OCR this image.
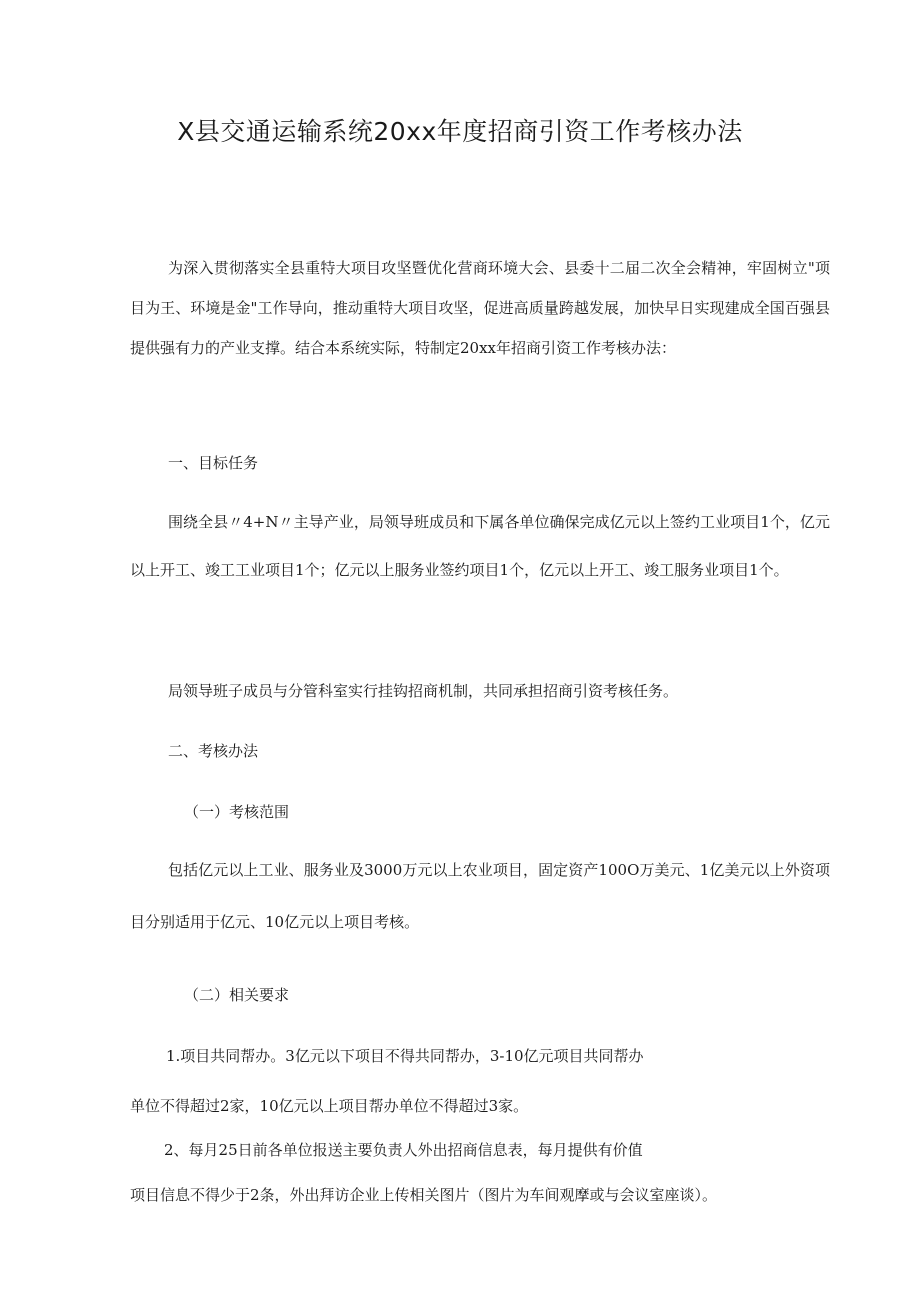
X县交通运输系统20xx年度招商引资工作考核办法

为深入贯彻落实全县重特大项目攻坚暨优化营商环境大会、县委十二届二次全会精神，牢固树立"项目为王、环境是金"工作导向，推动重特大项目攻坚，促进高质量跨越发展，加快早日实现建成全国百强县提供强有力的产业支撑。结合本系统实际，特制定20xx年招商引资工作考核办法：

一、目标任务

围绕全县〃4+N〃主导产业，局领导班成员和下属各单位确保完成亿元以上签约工业项目1个，亿元以上开工、竣工工业项目1个；亿元以上服务业签约项目1个，亿元以上开工、竣工服务业项目1个。

局领导班子成员与分管科室实行挂钩招商机制，共同承担招商引资考核任务。

二、考核办法

（一）考核范围

包括亿元以上工业、服务业及3000万元以上农业项目，固定资产100O万美元、1亿美元以上外资项目分别适用于亿元、10亿元以上项目考核。

（二）相关要求

1.项目共同帮办。3亿元以下项目不得共同帮办，3-10亿元项目共同帮办

单位不得超过2家，10亿元以上项目帮办单位不得超过3家。

2、每月25日前各单位报送主要负责人外出招商信息表，每月提供有价值

项目信息不得少于2条，外出拜访企业上传相关图片（图片为车间观摩或与会议室座谈）。
